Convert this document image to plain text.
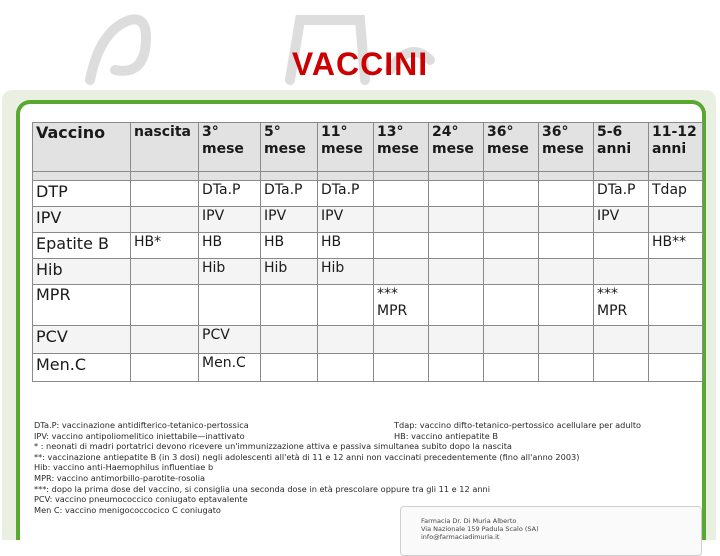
VACCINI
Vaccino	nascita	3° mese	5° mese	11° mese	13° mese	24° mese	36° mese	36° mese	5-6 anni	11-12 anni

DTP		DTa.P	DTa.P	DTa.P					DTa.P	Tdap
IPV		IPV	IPV	IPV					IPV	
Epatite B	HB*	HB	HB	HB						HB**
Hib		Hib	Hib	Hib						
MPR					*** MPR				*** MPR	
PCV		PCV								
Men.C		Men.C								
DTa.P: vaccinazione antidifterico-tetanico-pertossica
IPV: vaccino antipoliomelitico iniettabile—inattivato
* : neonati di madri portatrici devono ricevere un'immunizzazione attiva e passiva simultanea subito dopo la nascita
**: vaccinazione antiepatite B (in 3 dosi) negli adolescenti all'età di 11 e 12 anni non vaccinati precedentemente (fino all'anno 2003)
Hib: vaccino anti-Haemophilus influentiae b
MPR: vaccino antimorbillo-parotite-rosolia
***: dopo la prima dose del vaccino, si consiglia una seconda dose in età prescolare oppure tra gli 11 e 12 anni
PCV: vaccino pneumococcico coniugato eptavalente
Men C: vaccino menigococcocico C coniugato
Tdap: vaccino difto-tetanico-pertossico acellulare per adulto
HB: vaccino antiepatite B
Farmacia Dr. Di Muria Alberto
Via Nazionale 159 Padula Scalo (SA)
info@farmaciadimuria.it
